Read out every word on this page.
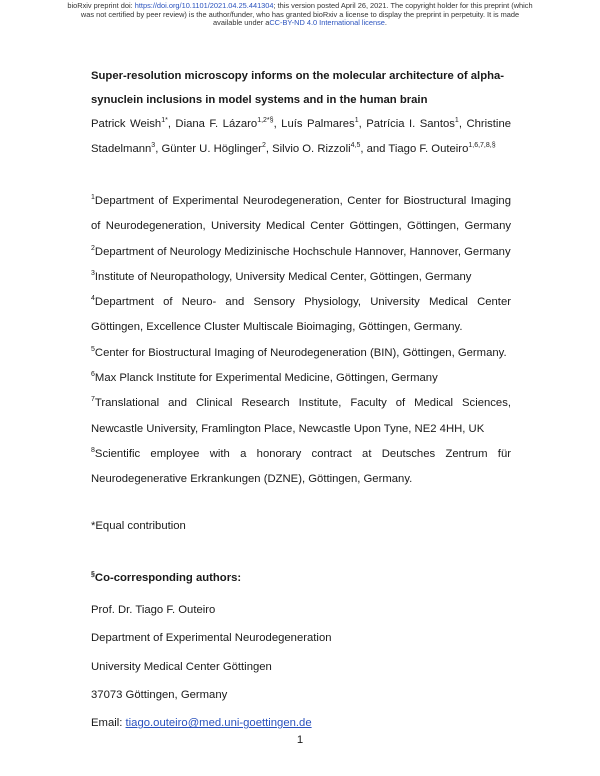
bioRxiv preprint doi: https://doi.org/10.1101/2021.04.25.441304; this version posted April 26, 2021. The copyright holder for this preprint (which
was not certified by peer review) is the author/funder, who has granted bioRxiv a license to display the preprint in perpetuity. It is made
available under aCC-BY-ND 4.0 International license.
Super-resolution microscopy informs on the molecular architecture of alpha-
synuclein inclusions in model systems and in the human brain
Patrick Weish$^{1*}$, Diana F. Lázaro$^{1,2*\S}$, Luís Palmares$^1$, Patrícia I. Santos$^1$, Christine Stadelmann$^3$, Günter U. Höglinger$^2$, Silvio O. Rizzoli$^{4,5}$, and Tiago F. Outeiro$^{1,6,7,8,\S}$

$^1$Department of Experimental Neurodegeneration, Center for Biostructural Imaging of Neurodegeneration, University Medical Center Göttingen, Göttingen, Germany

$^2$Department of Neurology Medizinische Hochschule Hannover, Hannover, Germany

$^3$Institute of Neuropathology, University Medical Center, Göttingen, Germany

$^4$Department of Neuro- and Sensory Physiology, University Medical Center Göttingen, Excellence Cluster Multiscale Bioimaging, Göttingen, Germany.

$^5$Center for Biostructural Imaging of Neurodegeneration (BIN), Göttingen, Germany.

$^6$Max Planck Institute for Experimental Medicine, Göttingen, Germany

$^7$Translational and Clinical Research Institute, Faculty of Medical Sciences, Newcastle University, Framlington Place, Newcastle Upon Tyne, NE2 4HH, UK

$^8$Scientific employee with a honorary contract at Deutsches Zentrum für Neurodegenerative Erkrankungen (DZNE), Göttingen, Germany.

*Equal contribution
§Co-corresponding authors:

Prof. Dr. Tiago F. Outeiro

Department of Experimental Neurodegeneration

University Medical Center Göttingen

37073 Göttingen, Germany

Email: tiago.outeiro@med.uni-goettingen.de

1
